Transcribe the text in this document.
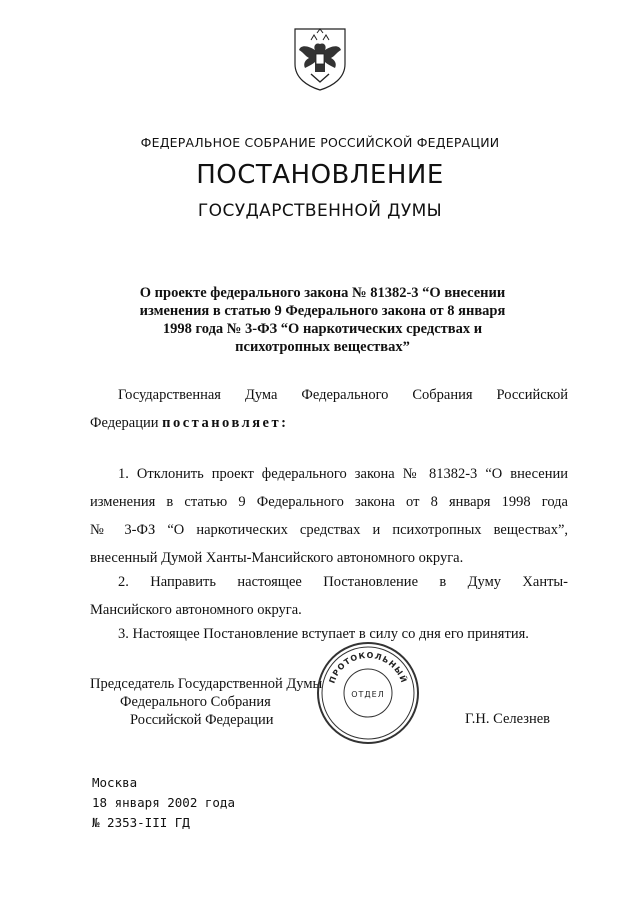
ФЕДЕРАЛЬНОЕ СОБРАНИЕ РОССИЙСКОЙ ФЕДЕРАЦИИ
ПОСТАНОВЛЕНИЕ
ГОСУДАРСТВЕННОЙ ДУМЫ
О проекте федерального закона № 81382-3 “О внесении
изменения в статью 9 Федерального закона от 8 января
1998 года № 3-ФЗ “О наркотических средствах и
психотропных веществах”
Государственная Дума Федерального Собрания Российской
Федерации постановляет:
1. Отклонить проект федерального закона № 81382-3 “О внесении
изменения в статью 9 Федерального закона от 8 января 1998 года
№ 3-ФЗ “О наркотических средствах и психотропных веществах”,
внесенный Думой Ханты-Мансийского автономного округа.
2. Направить настоящее Постановление в Думу Ханты-
Мансийского автономного округа.
3. Настоящее Постановление вступает в силу со дня его принятия.
Председатель Государственной Думы
Федерального Собрания
Российской Федерации	Г.Н. Селезнев
ПРОТОКОЛЬНЫЙ
ОТДЕЛ
Москва
18 января 2002 года
№ 2353-III ГД
